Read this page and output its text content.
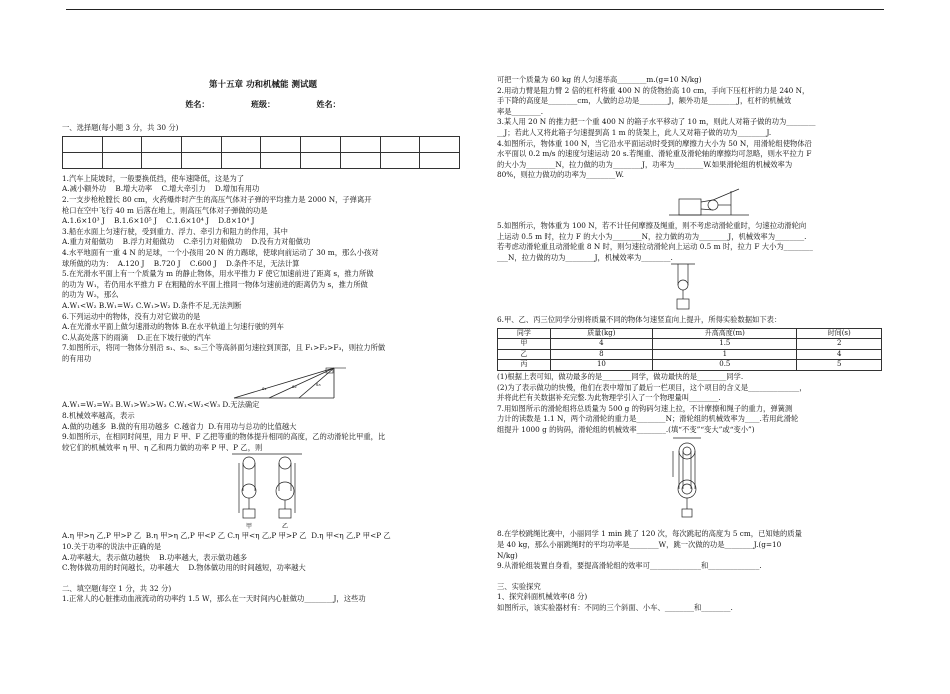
第十五章 功和机械能 测试题

姓名：  班级：  姓名：

一、选择题(每小题 3 分，共 30 分)

1.汽车上陡坡时，一般要换低挡，使车速降低，这是为了

A.减小额外功    B.增大功率    C.增大牵引力    D.增加有用功

2.一支步枪枪膛长 80 cm，火药爆炸时产生的高压气体对子弹的平均推力是 2000 N，子弹离开

枪口在空中飞行 40 m 后落在地上，则高压气体对子弹做的功是

A.1.6×10³ J    B.1.6×10⁵ J    C.1.6×10⁴ J    D.8×10⁴ J

3.船在水面上匀速行驶，受到重力、浮力、牵引力和阻力的作用，其中

A.重力对船做功    B.浮力对船做功    C.牵引力对船做功    D.没有力对船做功

4.水平地面有一重 4 N 的足球，一个小孩用 20 N 的力踢球，使球向前运动了 30 m，那么小孩对

球所做的功为：  A.120 J    B.720 J    C.600 J    D.条件不足，无法计算

5.在光滑水平面上有一个质量为 m 的静止物体，用水平推力 F 使它加速前进了距离 s，推力所做

的功为 W₁，若仍用水平推力 F 在粗糙的水平面上推同一物体匀速前进的距离仍为 s，推力所做

的功为 W₂，那么

A.W₁<W₂ B.W₁=W₂ C.W₁>W₂ D.条件不足,无法判断

6.下列运动中的物体，没有力对它做功的是

A.在光滑水平面上做匀速滑动的物体 B.在水平轨道上匀速行驶的列车

C.从高处落下的雨滴    D.正在下坡行驶的汽车

7.如图所示，将同一物体分别沿 s₁、s₂、s₃三个等高斜面匀速拉到顶部，且 F₁>F₂>F₃，则拉力所做

的有用功

s₁	s₂	s₃

A.W₁=W₂=W₃ B.W₁>W₂>W₃ C.W₁<W₂<W₃ D.无法确定

8.机械效率越高，表示

A.做的功越多  B.做的有用功越多  C.越省力  D.有用功与总功的比值越大

9.如图所示，在相同时间里，用力 F 甲、F 乙把等重的物体提升相同的高度，乙的动滑轮比甲重，比

较它们的机械效率 η 甲、η 乙和两力做的功率 P 甲、P 乙，则

甲	乙

A.η 甲>η 乙,P 甲>P 乙  B.η 甲>η 乙,P 甲<P 乙 C.η 甲<η 乙,P 甲>P 乙  D.η 甲<η 乙,P 甲<P 乙

10.关于功率的说法中正确的是

A.功率越大，表示做功越快    B.功率越大，表示做功越多

C.物体做功用的时间越长，功率越大    D.物体做功用的时间越短，功率越大

二、填空题(每空 1 分，共 32 分)

1.正常人的心脏推动血液流动的功率约 1.5 W，那么在一天时间内心脏做功________J，这些功

可把一个质量为 60 kg 的人匀速举高________m.(g=10 N/kg)

2.用动力臂是阻力臂 2 倍的杠杆将重 400 N 的货物抬高 10 cm，手向下压杠杆的力是 240 N，

手下降的高度是________cm，人做的总功是________J，额外功是________J，杠杆的机械效

率是________.

3.某人用 20 N 的推力把一个重 400 N 的箱子水平移动了 10 m，则此人对箱子做的功为________

__J；若此人又将此箱子匀速提到高 1 m 的货架上，此人又对箱子做的功为________J.

4.如图所示，物体重 100 N，当它沿水平面运动时受到的摩擦力大小为 50 N，用滑轮组使物体沿

水平面以 0.2 m/s 的速度匀速运动 20 s.若绳重、滑轮重及滑轮轴的摩擦均可忽略，则水平拉力 F

的大小为________N，拉力做的功为________J，功率为________W.如果滑轮组的机械效率为

80%，则拉力做功的功率为________W.

5.如图所示，物体重为 100 N，若不计任何摩擦及绳重，则不考虑动滑轮重时，匀速拉动滑轮向

上运动 0.5 m 时，拉力 F 的大小为________N，拉力做的功为________J，机械效率为________.

若考虑动滑轮重且动滑轮重 8 N 时，则匀速拉动滑轮向上运动 0.5 m 时，拉力 F 大小为________

___N，拉力做的功为________J，机械效率为________.

6.甲、乙、丙三位同学分别将质量不同的物体匀速竖直向上提升，所得实验数据如下表：

同学	质量(kg)	升高高度(m)	时间(s)
甲	4	1.5	2
乙	8	1	4
丙	10	0.5	5

(1)根据上表可知，做功最多的是________同学，做功最快的是________同学.

(2)为了表示做功的快慢，他们在表中增加了最后一栏项目，这个项目的含义是______________，

并将此栏有关数据补充完整.为此物理学引入了一个物理量叫________.

7.用如图所示的滑轮组将总质量为 500 g 的钩码匀速上拉，不计摩擦和绳子的重力，弹簧测

力计的读数是 1.1 N，两个动滑轮的重力是________N；滑轮组的机械效率为____.若用此滑轮

组提升 1000 g 的钩码，滑轮组的机械效率________.(填“不变”“变大”或“变小”)

8.在学校跳绳比赛中，小丽同学 1 min 跳了 120 次，每次跳起的高度为 5 cm，已知她的质量

是 40 kg，那么小丽跳绳时的平均功率是________W，跳一次做的功是________J.(g=10

N/kg)

9.从滑轮组装置自身看，要提高滑轮组的效率可______________和______________.

三、实验探究

1、探究斜面机械效率(8 分)

如图所示，该实验器材有：不同的三个斜面、小车、________和________.
